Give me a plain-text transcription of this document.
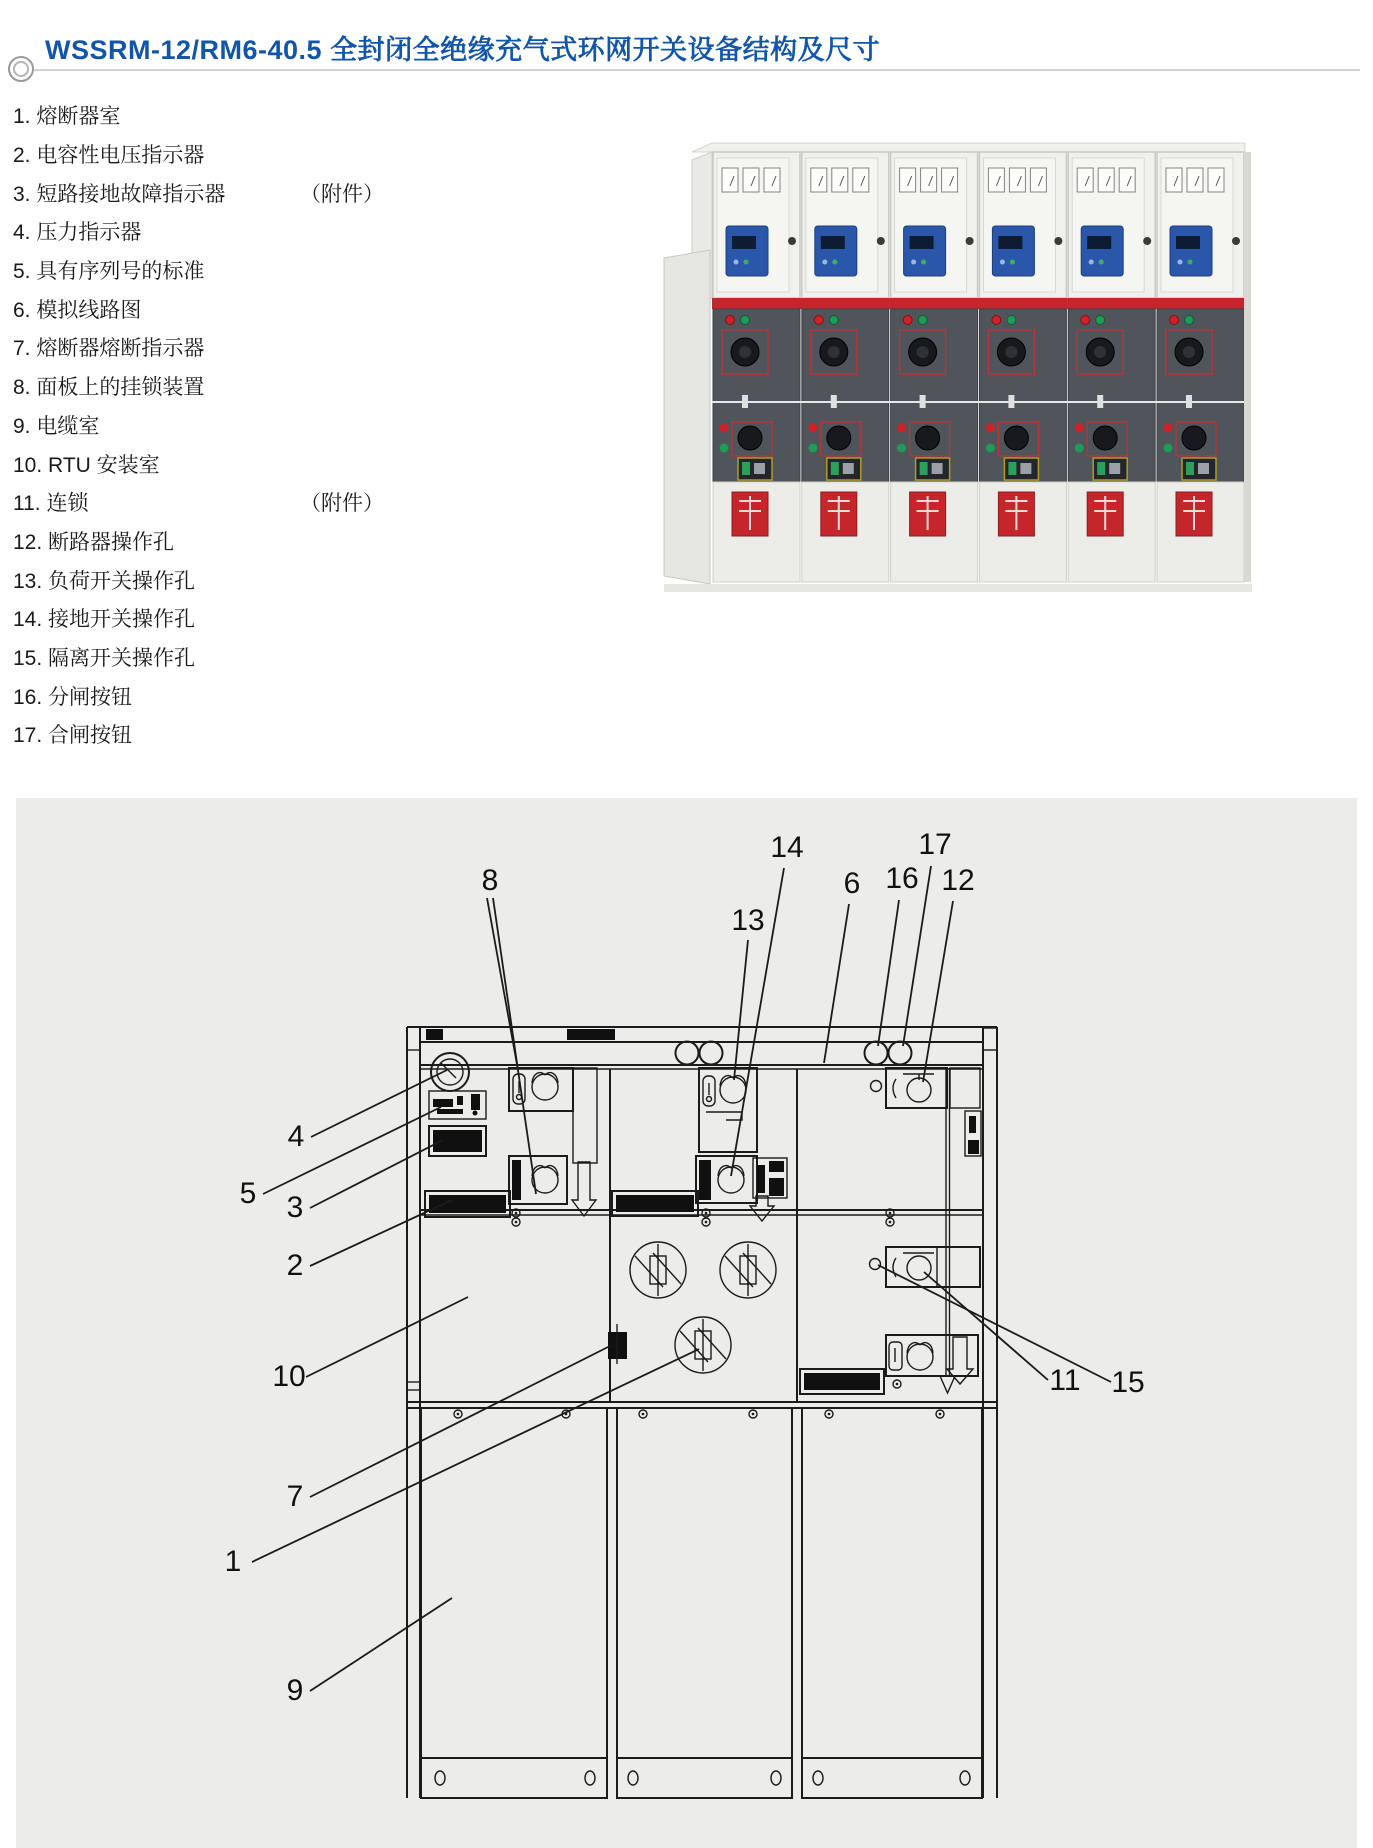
WSSRM-12/RM6-40.5 全封闭全绝缘充气式环网开关设备结构及尺寸
1. 熔断器室
2. 电容性电压指示器
3. 短路接地故障指示器	（附件）
4. 压力指示器
5. 具有序列号的标准
6. 模拟线路图
7. 熔断器熔断指示器
8. 面板上的挂锁装置
9. 电缆室
10. RTU 安装室
11. 连锁	（附件）
12. 断路器操作孔
13. 负荷开关操作孔
14. 接地开关操作孔
15. 隔离开关操作孔
16. 分闸按钮
17. 合闸按钮
8
13
14
6 16
17
12
4
5 3
2
10
7
1
9
11 15
